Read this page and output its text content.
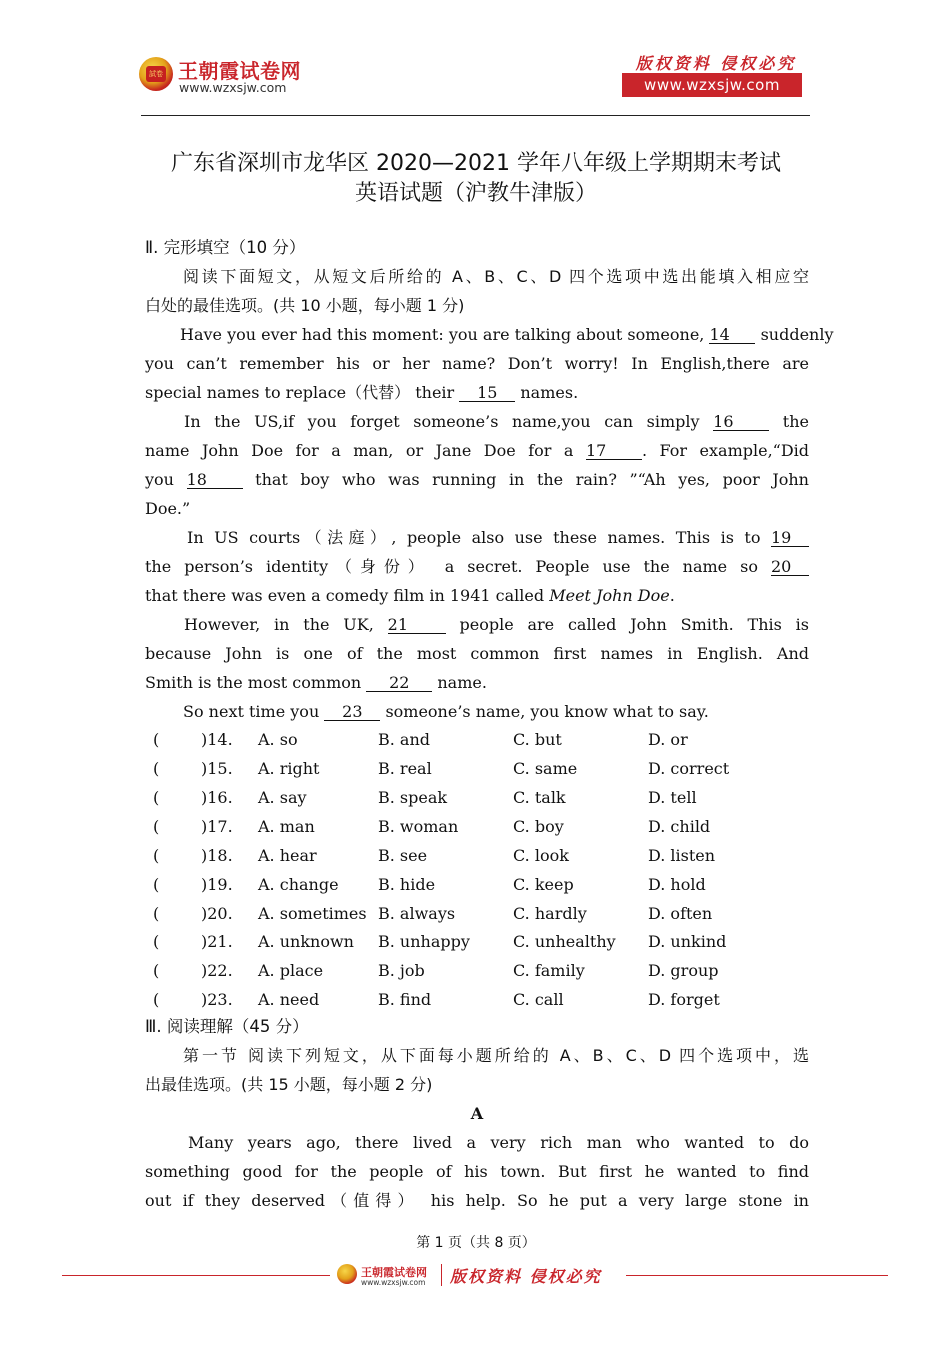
試卷 王朝霞试卷网
www.wzxsjw.com
版权资料 侵权必究
www.wzxsjw.com
广东省深圳市龙华区 2020—2021 学年八年级上学期期末考试
英语试题（沪教牛津版）
Ⅱ. 完形填空（10 分）
阅读下面短文，从短文后所给的 A、B、C、D 四个选项中选出能填入相应空
白处的最佳选项。(共 10 小题，每小题 1 分)
Have you ever had this moment: you are talking about someone, 14 suddenly
you can’t remember his or her name? Don’t worry! In English,there are
special names to replace（代替） their 15 names.
In the US,if you forget someone’s name,you can simply 16	the
name John Doe for a man, or Jane Doe for a 17 . For example,“Did
you 18	that boy who was running in the rain? ”“Ah yes, poor John
Doe.”
In US courts（法庭）, people also use these names. This is to 19
the person’s identity（身份） a secret. People use the name so 20
that there was even a comedy film in 1941 called Meet John Doe.
However, in the UK, 21	people are called John Smith. This is
because John is one of the most common first names in English. And
Smith is the most common 22 name.
So next time you 23 someone’s name, you know what to say.
(	)14. A. so	B. and	C. but	D. or
(	)15. A. right	B. real	C. same	D. correct
(	)16. A. say	B. speak	C. talk	D. tell
(	)17. A. man	B. woman	C. boy	D. child
(	)18. A. hear	B. see	C. look	D. listen
(	)19. A. change B. hide	C. keep	D. hold
(	)20. A. sometimes B. always	C. hardly	D. often
(	)21. A. unknown B. unhappy	C. unhealthy D. unkind
(	)22. A. place	B. job	C. family	D. group
(	)23. A. need	B. find	C. call	D. forget
Ⅲ. 阅读理解（45 分）
第一节 阅读下列短文，从下面每小题所给的 A、B、C、D 四个选项中，选
出最佳选项。(共 15 小题，每小题 2 分)
A
Many years ago, there lived a very rich man who wanted to do
something good for the people of his town. But first he wanted to find
out if they deserved（值得） his help. So he put a very large stone in
第 1 页（共 8 页）
王朝霞试卷网
www.wzxsjw.com 版权资料 侵权必究
